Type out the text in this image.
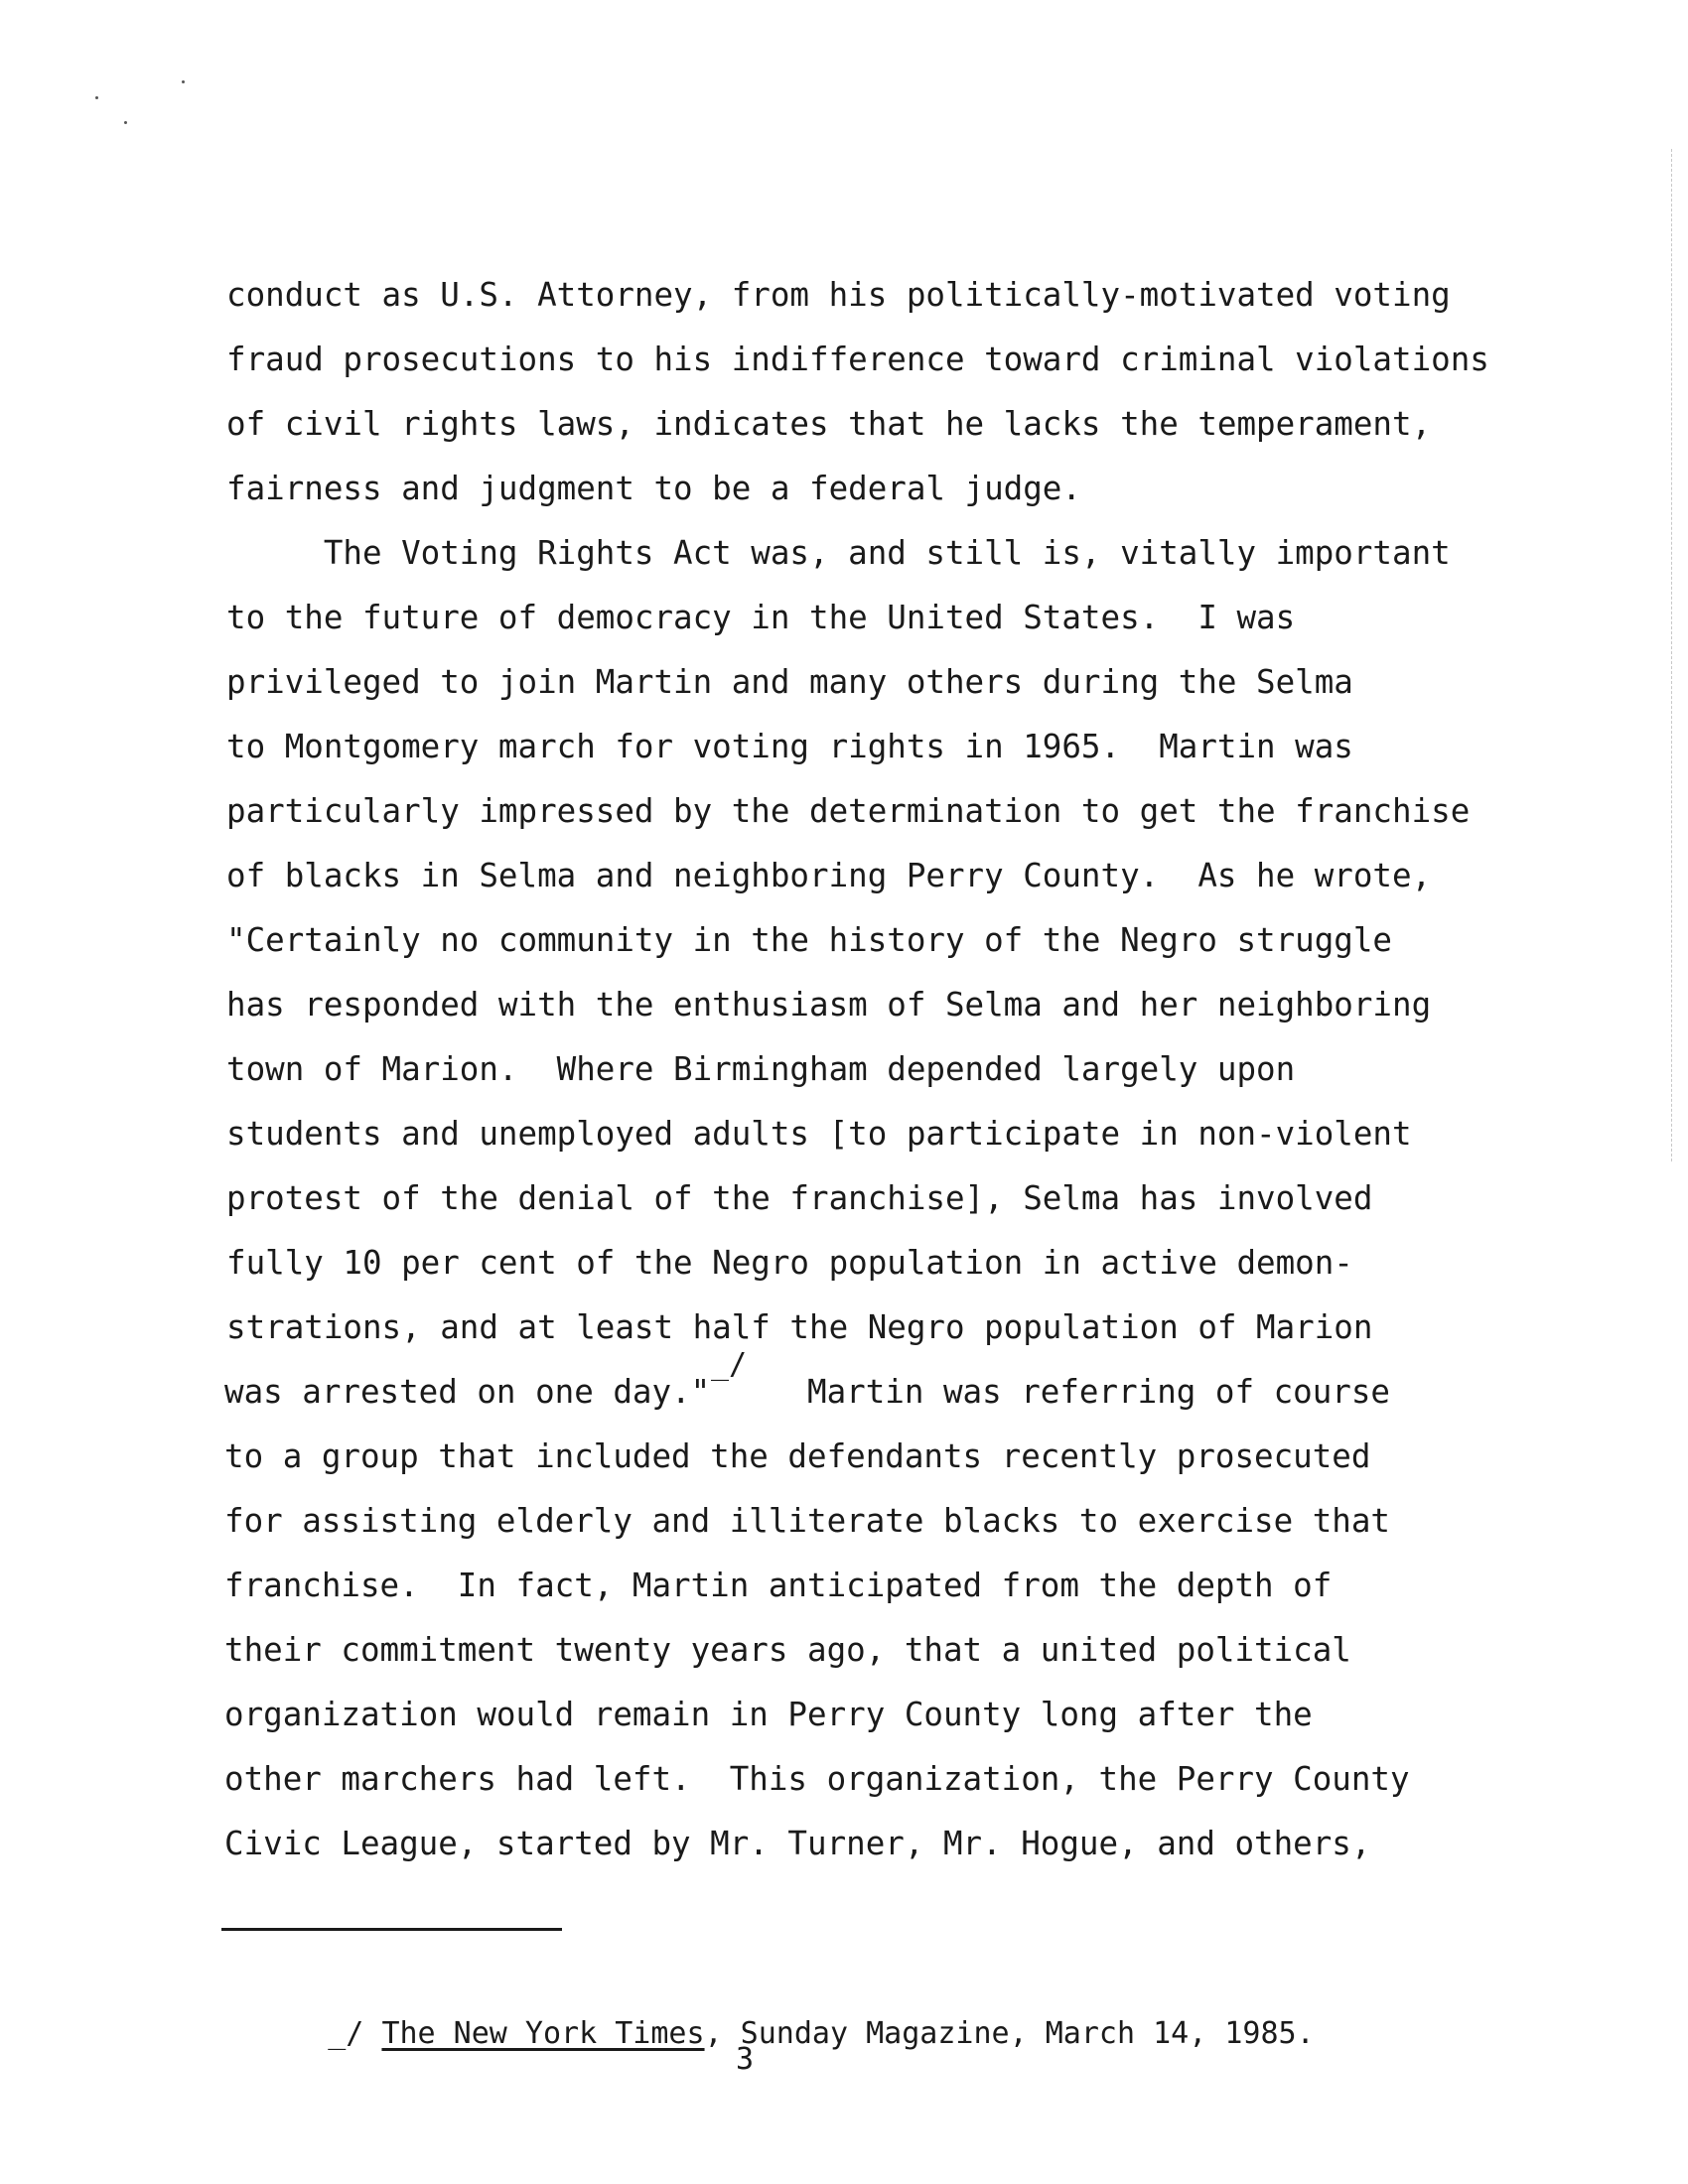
conduct as U.S. Attorney, from his politically-motivated voting
fraud prosecutions to his indifference toward criminal violations
of civil rights laws, indicates that he lacks the temperament,
fairness and judgment to be a federal judge.
The Voting Rights Act was, and still is, vitally important
to the future of democracy in the United States.  I was
privileged to join Martin and many others during the Selma
to Montgomery march for voting rights in 1965.  Martin was
particularly impressed by the determination to get the franchise
of blacks in Selma and neighboring Perry County.  As he wrote,
"Certainly no community in the history of the Negro struggle
has responded with the enthusiasm of Selma and her neighboring
town of Marion.  Where Birmingham depended largely upon
students and unemployed adults [to participate in non-violent
protest of the denial of the franchise], Selma has involved
fully 10 per cent of the Negro population in active demon-
strations, and at least half the Negro population of Marion
was arrested on one day."     Martin was referring of course
_/
to a group that included the defendants recently prosecuted
for assisting elderly and illiterate blacks to exercise that
franchise.  In fact, Martin anticipated from the depth of
their commitment twenty years ago, that a united political
organization would remain in Perry County long after the
other marchers had left.  This organization, the Perry County
Civic League, started by Mr. Turner, Mr. Hogue, and others,

_/ The New York Times, Sunday Magazine, March 14, 1985.

3
